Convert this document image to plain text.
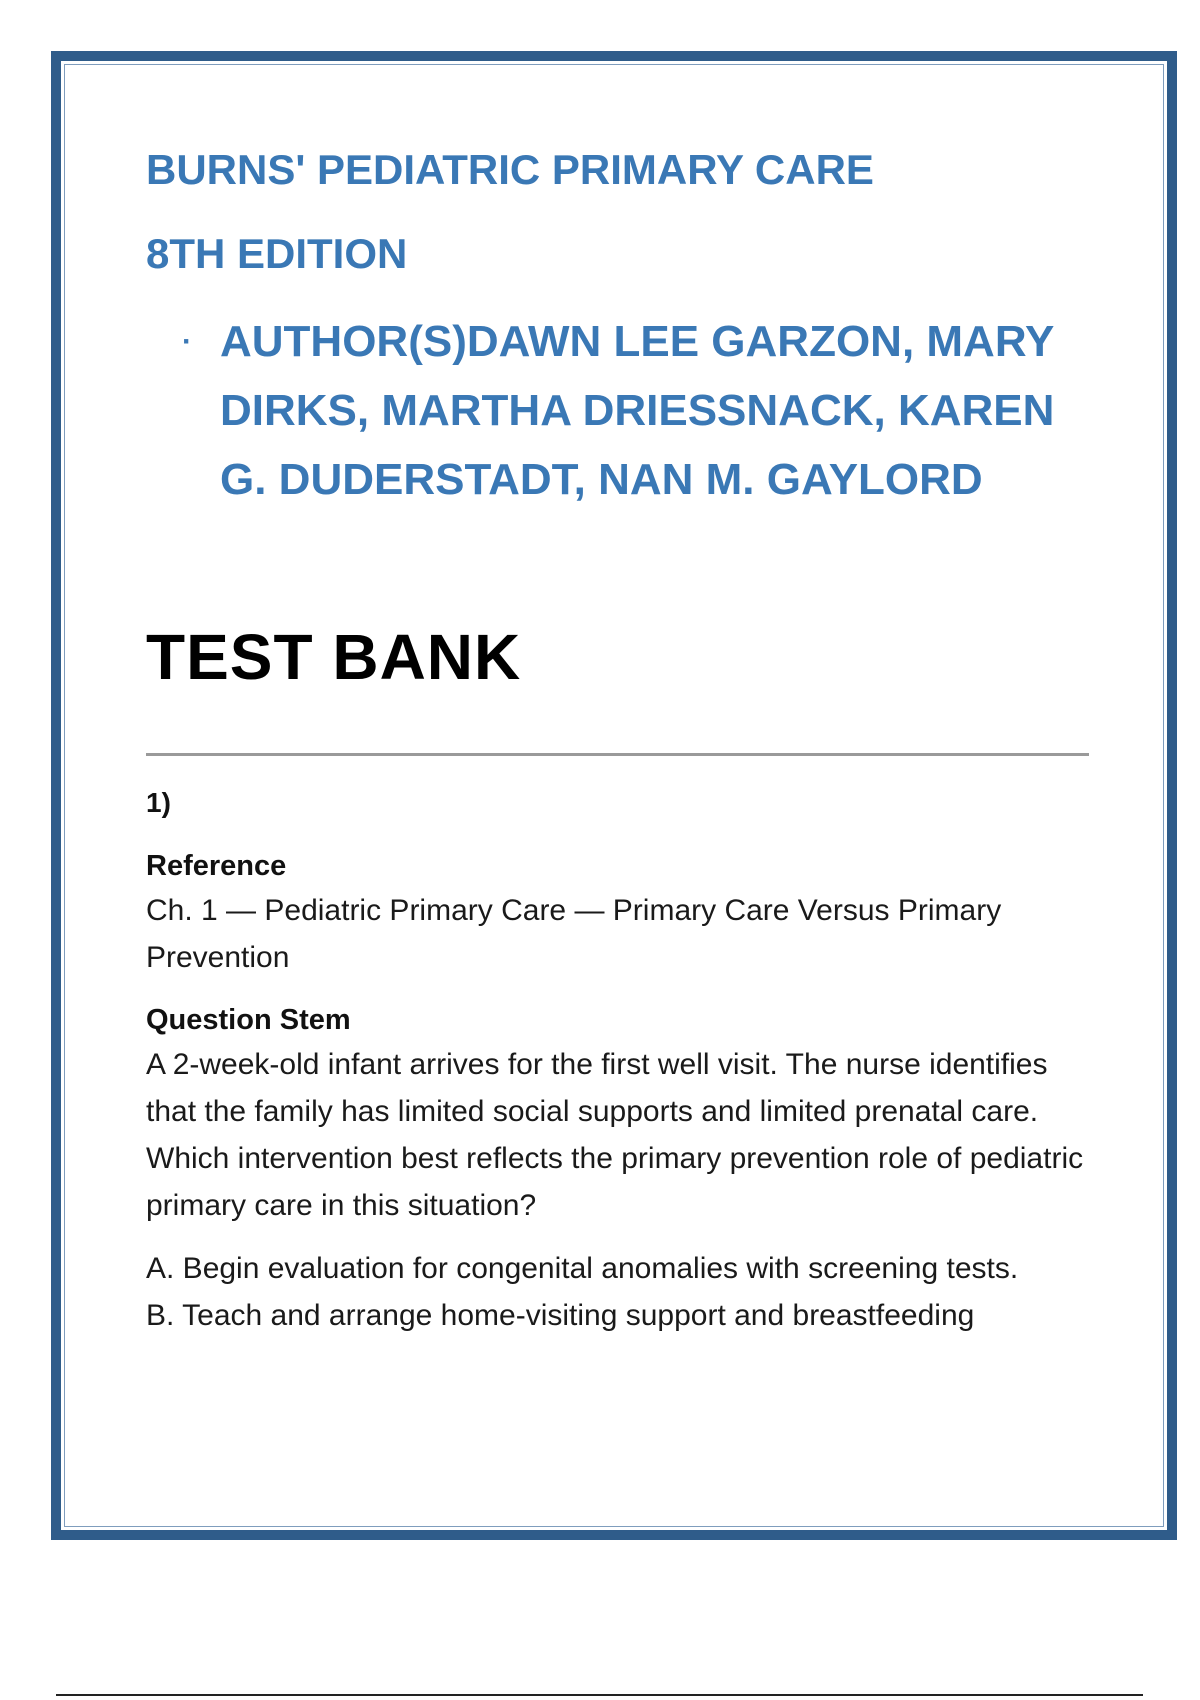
BURNS' PEDIATRIC PRIMARY CARE
8TH EDITION
· AUTHOR(S)DAWN LEE GARZON, MARY DIRKS, MARTHA DRIESSNACK, KAREN G. DUDERSTADT, NAN M. GAYLORD
TEST BANK
1)
Reference
Ch. 1 — Pediatric Primary Care — Primary Care Versus Primary Prevention
Question Stem
A 2-week-old infant arrives for the first well visit. The nurse identifies that the family has limited social supports and limited prenatal care. Which intervention best reflects the primary prevention role of pediatric primary care in this situation?
A. Begin evaluation for congenital anomalies with screening tests.
B. Teach and arrange home-visiting support and breastfeeding
